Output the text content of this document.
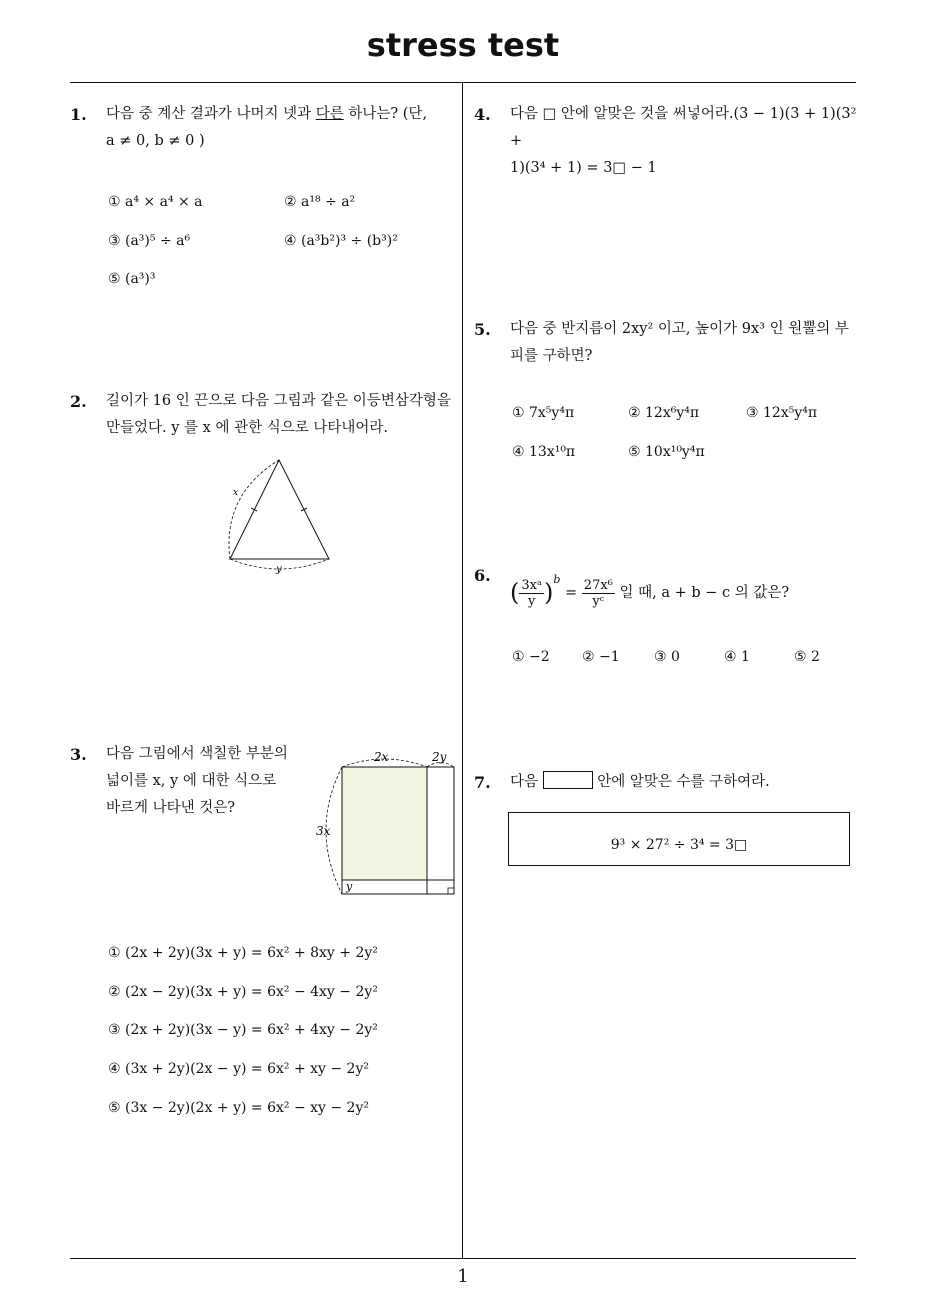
stress test
1
1. 다음 중 계산 결과가 나머지 넷과 다른 하나는? (단,
a ≠ 0, b ≠ 0 )
① a⁴ × a⁴ × a	② a¹⁸ ÷ a²
③ (a³)⁵ ÷ a⁶	④ (a³b²)³ ÷ (b³)²
⑤ (a³)³
2. 길이가 16 인 끈으로 다음 그림과 같은 이등변삼각형을
만들었다. y 를 x 에 관한 식으로 나타내어라.
x
y
3. 다음 그림에서 색칠한 부분의
넓이를 x, y 에 대한 식으로
바르게 나타낸 것은?
2x	2y
3x
y
① (2x + 2y)(3x + y) = 6x² + 8xy + 2y²
② (2x − 2y)(3x + y) = 6x² − 4xy − 2y²
③ (2x + 2y)(3x − y) = 6x² + 4xy − 2y²
④ (3x + 2y)(2x − y) = 6x² + xy − 2y²
⑤ (3x − 2y)(2x + y) = 6x² − xy − 2y²
4. 다음 □ 안에 알맞은 것을 써넣어라.(3 − 1)(3 + 1)(3² +
1)(3⁴ + 1) = 3□ − 1
5. 다음 중 반지름이 2xy² 이고, 높이가 9x³ 인 원뿔의 부
피를 구하면?
① 7x⁵y⁴π	② 12x⁶y⁴π	③ 12x⁵y⁴π
④ 13x¹⁰π	⑤ 10x¹⁰y⁴π
6.
( $\frac{\text{3xᵃ}}{y} )^b = \frac{\text{27x⁶}}{\text{yᶜ}}$ 일 때, a + b − c 의 값은?
① −2 ② −1 ③ 0	④ 1	⑤ 2
7. 다음	안에 알맞은 수를 구하여라.
9³ × 27² ÷ 3⁴ = 3□
